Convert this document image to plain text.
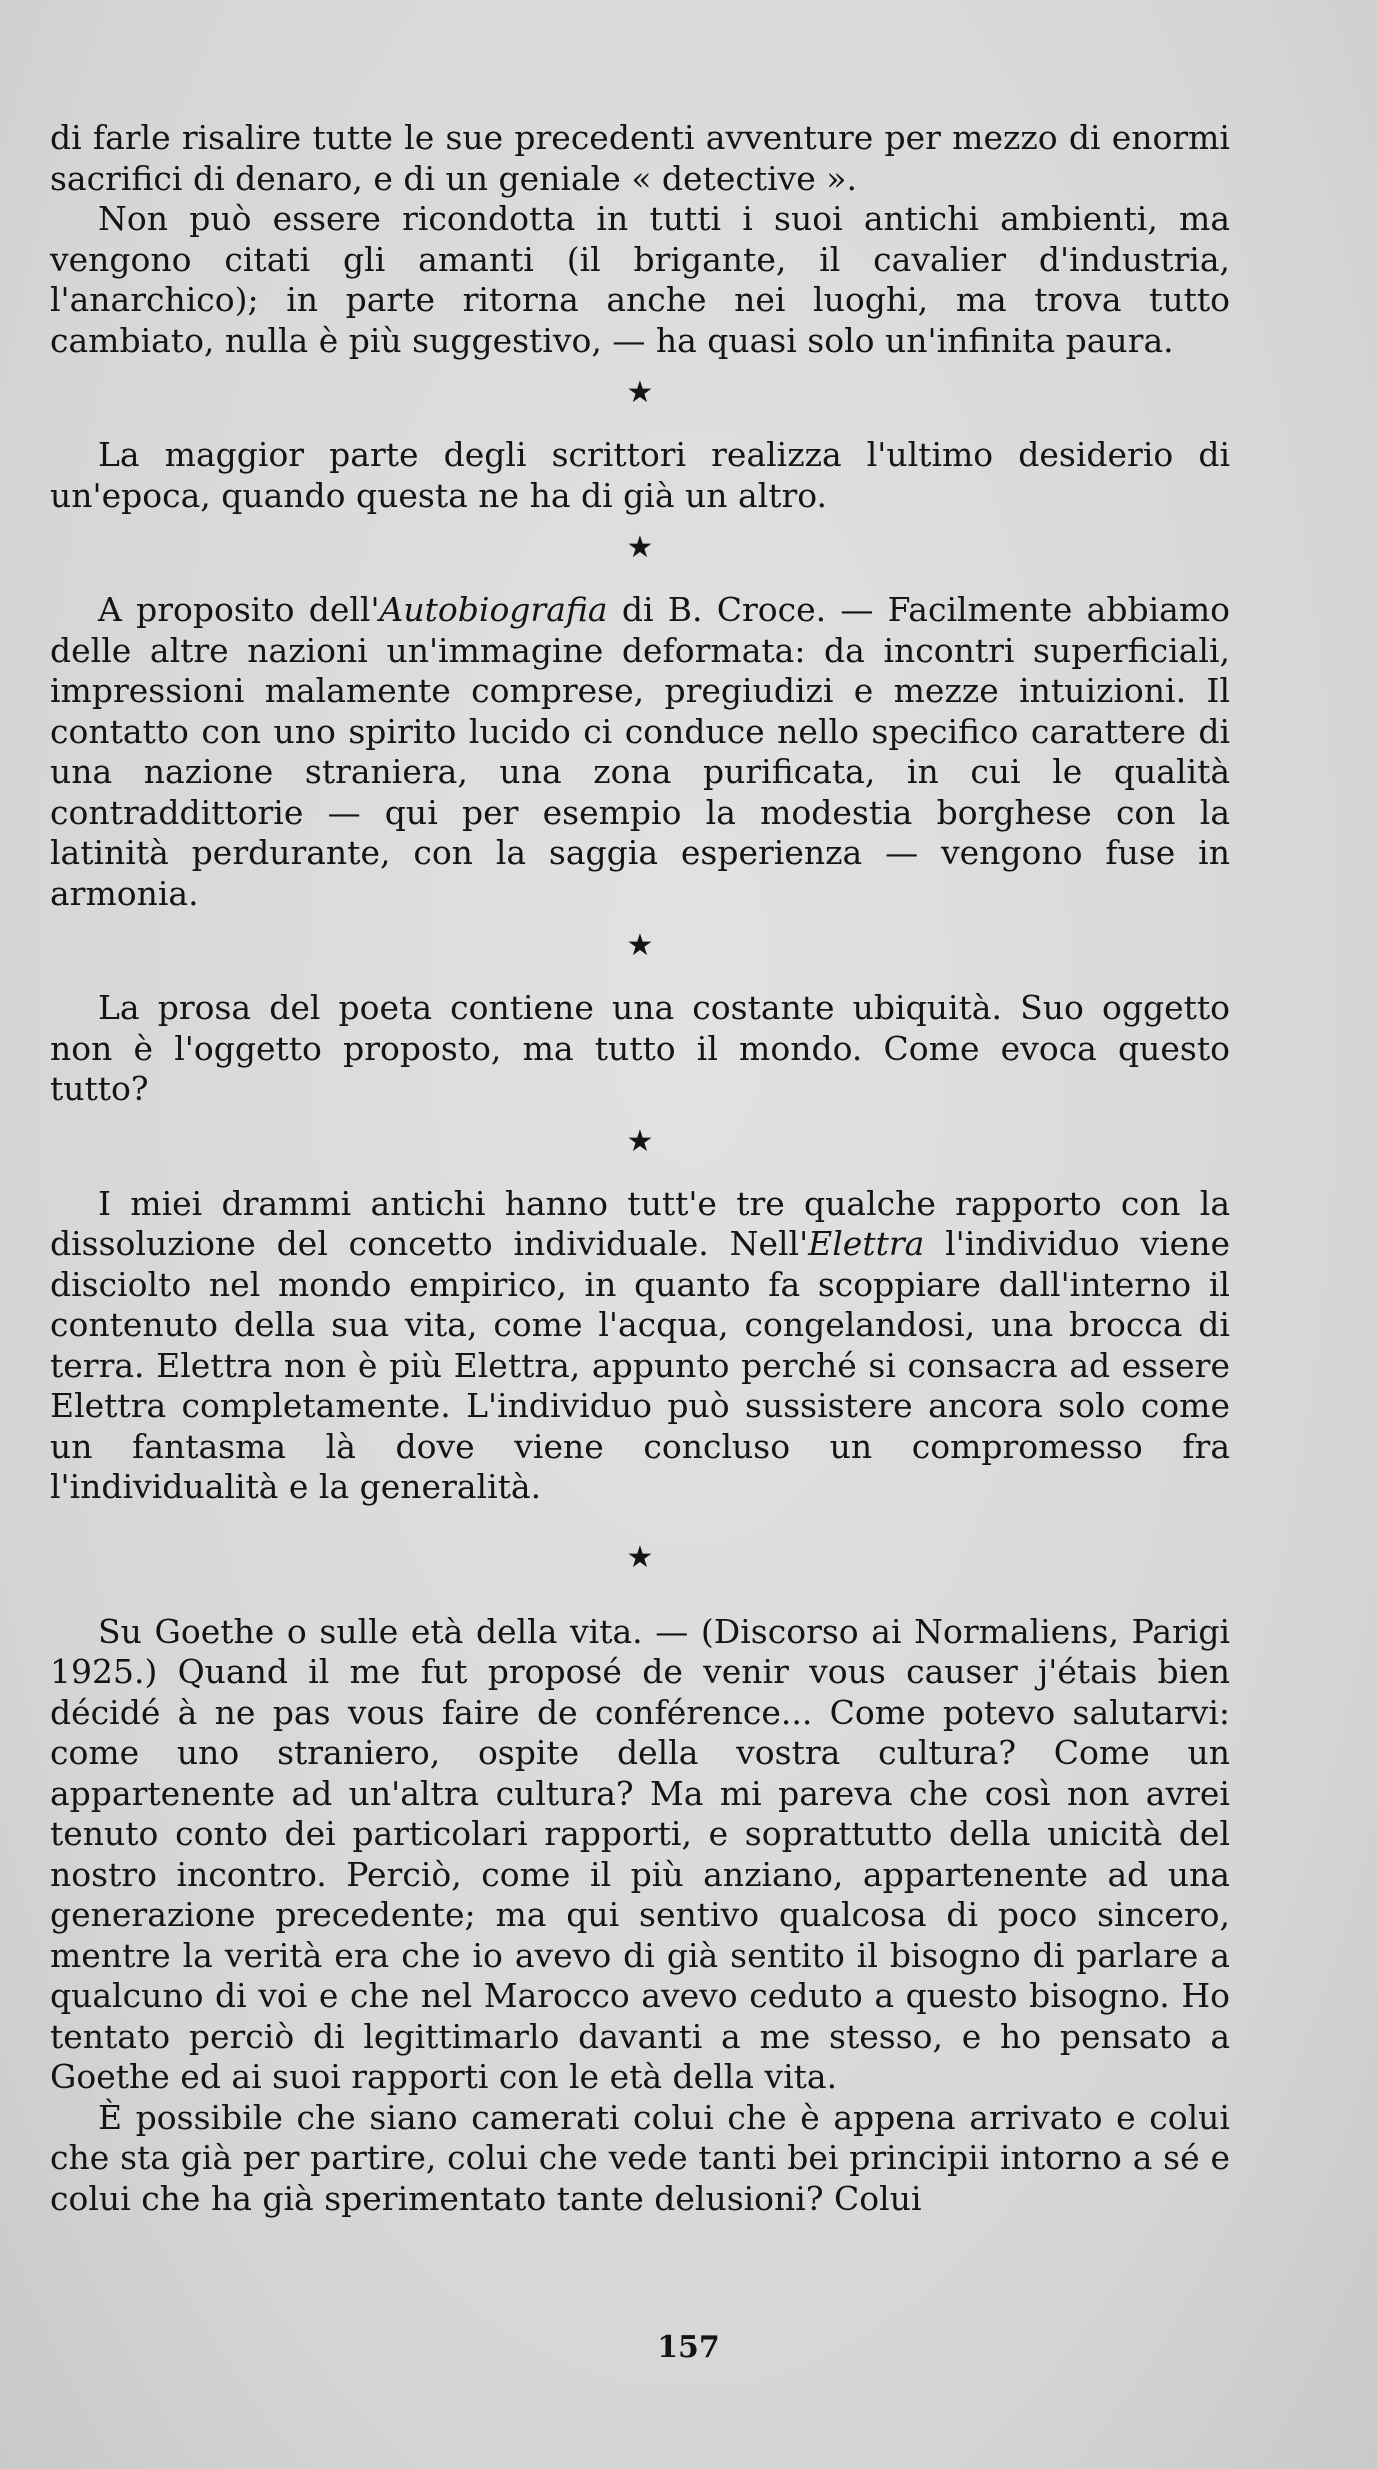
di farle risalire tutte le sue precedenti avventure per mezzo di enormi sacrifici di denaro, e di un geniale « detective ».

Non può essere ricondotta in tutti i suoi antichi ambienti, ma vengono citati gli amanti (il brigante, il cavalier d'industria, l'anarchico); in parte ritorna anche nei luoghi, ma trova tutto cambiato, nulla è più suggestivo, — ha quasi solo un'infinita paura.

★

La maggior parte degli scrittori realizza l'ultimo desiderio di un'epoca, quando questa ne ha di già un altro.

★

A proposito dell'Autobiografia di B. Croce. — Facilmente abbiamo delle altre nazioni un'immagine deformata: da incontri superficiali, impressioni malamente comprese, pregiudizi e mezze intuizioni. Il contatto con uno spirito lucido ci conduce nello specifico carattere di una nazione straniera, una zona purificata, in cui le qualità contraddittorie — qui per esempio la modestia borghese con la latinità perdurante, con la saggia esperienza — vengono fuse in armonia.

★

La prosa del poeta contiene una costante ubiquità. Suo oggetto non è l'oggetto proposto, ma tutto il mondo. Come evoca questo tutto?

★

I miei drammi antichi hanno tutt'e tre qualche rapporto con la dissoluzione del concetto individuale. Nell'Elettra l'individuo viene disciolto nel mondo empirico, in quanto fa scoppiare dall'interno il contenuto della sua vita, come l'acqua, congelandosi, una brocca di terra. Elettra non è più Elettra, appunto perché si consacra ad essere Elettra completamente. L'individuo può sussistere ancora solo come un fantasma là dove viene concluso un compromesso fra l'individualità e la generalità.

★

Su Goethe o sulle età della vita. — (Discorso ai Normaliens, Parigi 1925.) Quand il me fut proposé de venir vous causer j'étais bien décidé à ne pas vous faire de conférence... Come potevo salutarvi: come uno straniero, ospite della vostra cultura? Come un appartenente ad un'altra cultura? Ma mi pareva che così non avrei tenuto conto dei particolari rapporti, e soprattutto della unicità del nostro incontro. Perciò, come il più anziano, appartenente ad una generazione precedente; ma qui sentivo qualcosa di poco sincero, mentre la verità era che io avevo di già sentito il bisogno di parlare a qualcuno di voi e che nel Marocco avevo ceduto a questo bisogno. Ho tentato perciò di legittimarlo davanti a me stesso, e ho pensato a Goethe ed ai suoi rapporti con le età della vita.

È possibile che siano camerati colui che è appena arrivato e colui che sta già per partire, colui che vede tanti bei principii intorno a sé e colui che ha già sperimentato tante delusioni? Colui

157
